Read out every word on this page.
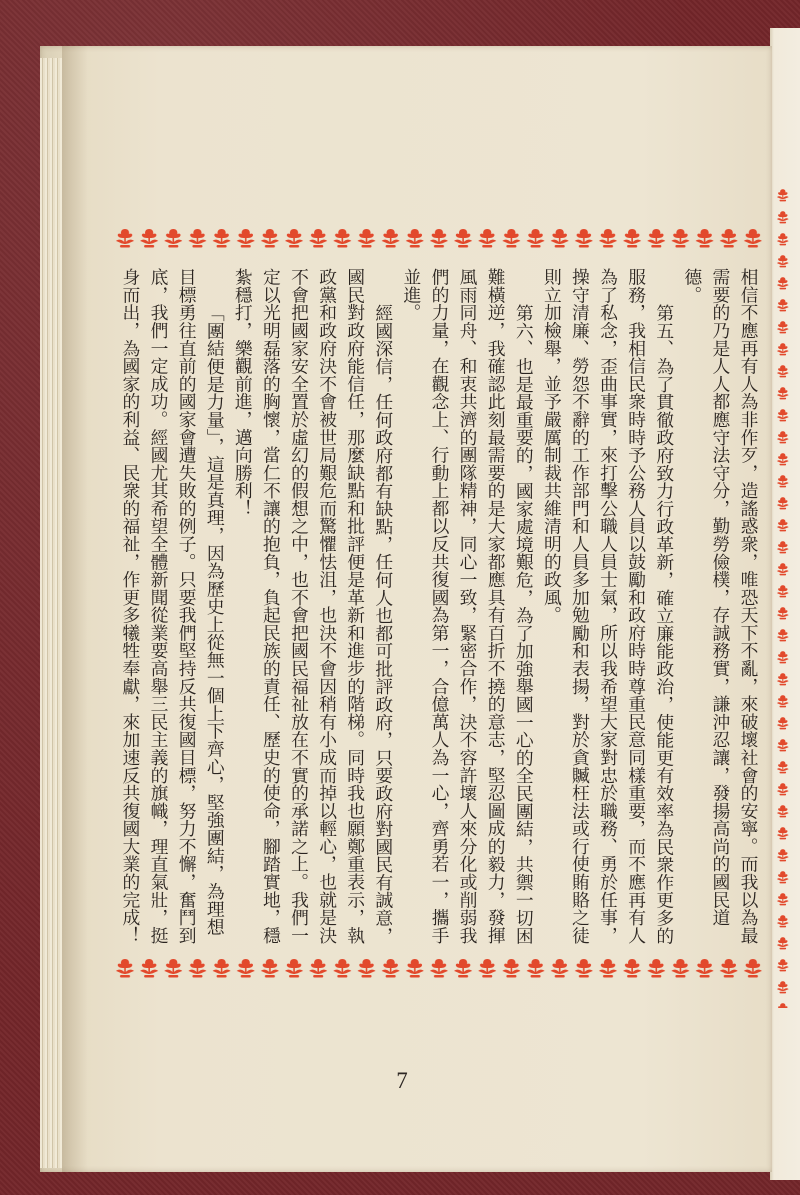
相信不應再有人為非作歹，造謠惑衆，唯恐天下不亂，來破壞社會的安寧。而我以為最
需要的乃是人人都應守法守分，勤勞儉樸，存誠務實，謙沖忍讓，發揚高尚的國民道
德。
第五、為了貫徹政府致力行政革新，確立廉能政治，使能更有效率為民衆作更多的
服務，我相信民衆時時予公務人員以鼓勵和政府時時尊重民意同樣重要，而不應再有人
為了私念，歪曲事實，來打擊公職人員士氣，所以我希望大家對忠於職務、勇於任事，
操守清廉、勞怨不辭的工作部門和人員多加勉勵和表揚，對於貪贓枉法或行使賄賂之徒
則立加檢舉，並予嚴厲制裁共維清明的政風。
第六、也是最重要的，國家處境艱危，為了加強舉國一心的全民團結，共禦一切困
難橫逆，我確認此刻最需要的是大家都應具有百折不撓的意志，堅忍圖成的毅力，發揮
風雨同舟、和衷共濟的團隊精神，同心一致，緊密合作，決不容許壞人來分化或削弱我
們的力量，在觀念上、行動上都以反共復國為第一，合億萬人為一心，齊勇若一，攜手
並進。
經國深信，任何政府都有缺點，任何人也都可批評政府，只要政府對國民有誠意，
國民對政府能信任，那麼缺點和批評便是革新和進步的階梯。同時我也願鄭重表示，執
政黨和政府決不會被世局艱危而驚懼怯沮，也決不會因稍有小成而掉以輕心，也就是決
不會把國家安全置於虛幻的假想之中，也不會把國民福祉放在不實的承諾之上。我們一
定以光明磊落的胸懷，當仁不讓的抱負，負起民族的責任、歷史的使命，腳踏實地，穩
紮穩打，樂觀前進，邁向勝利！
「團結便是力量」，這是真理，因為歷史上從無一個上下齊心，堅強團結，為理想
目標勇往直前的國家會遭失敗的例子。只要我們堅持反共復國目標，努力不懈，奮鬥到
底，我們一定成功。經國尤其希望全體新聞從業要高舉三民主義的旗幟，理直氣壯，挺
身而出，為國家的利益、民衆的福祉，作更多犧牲奉獻，來加速反共復國大業的完成！
7
